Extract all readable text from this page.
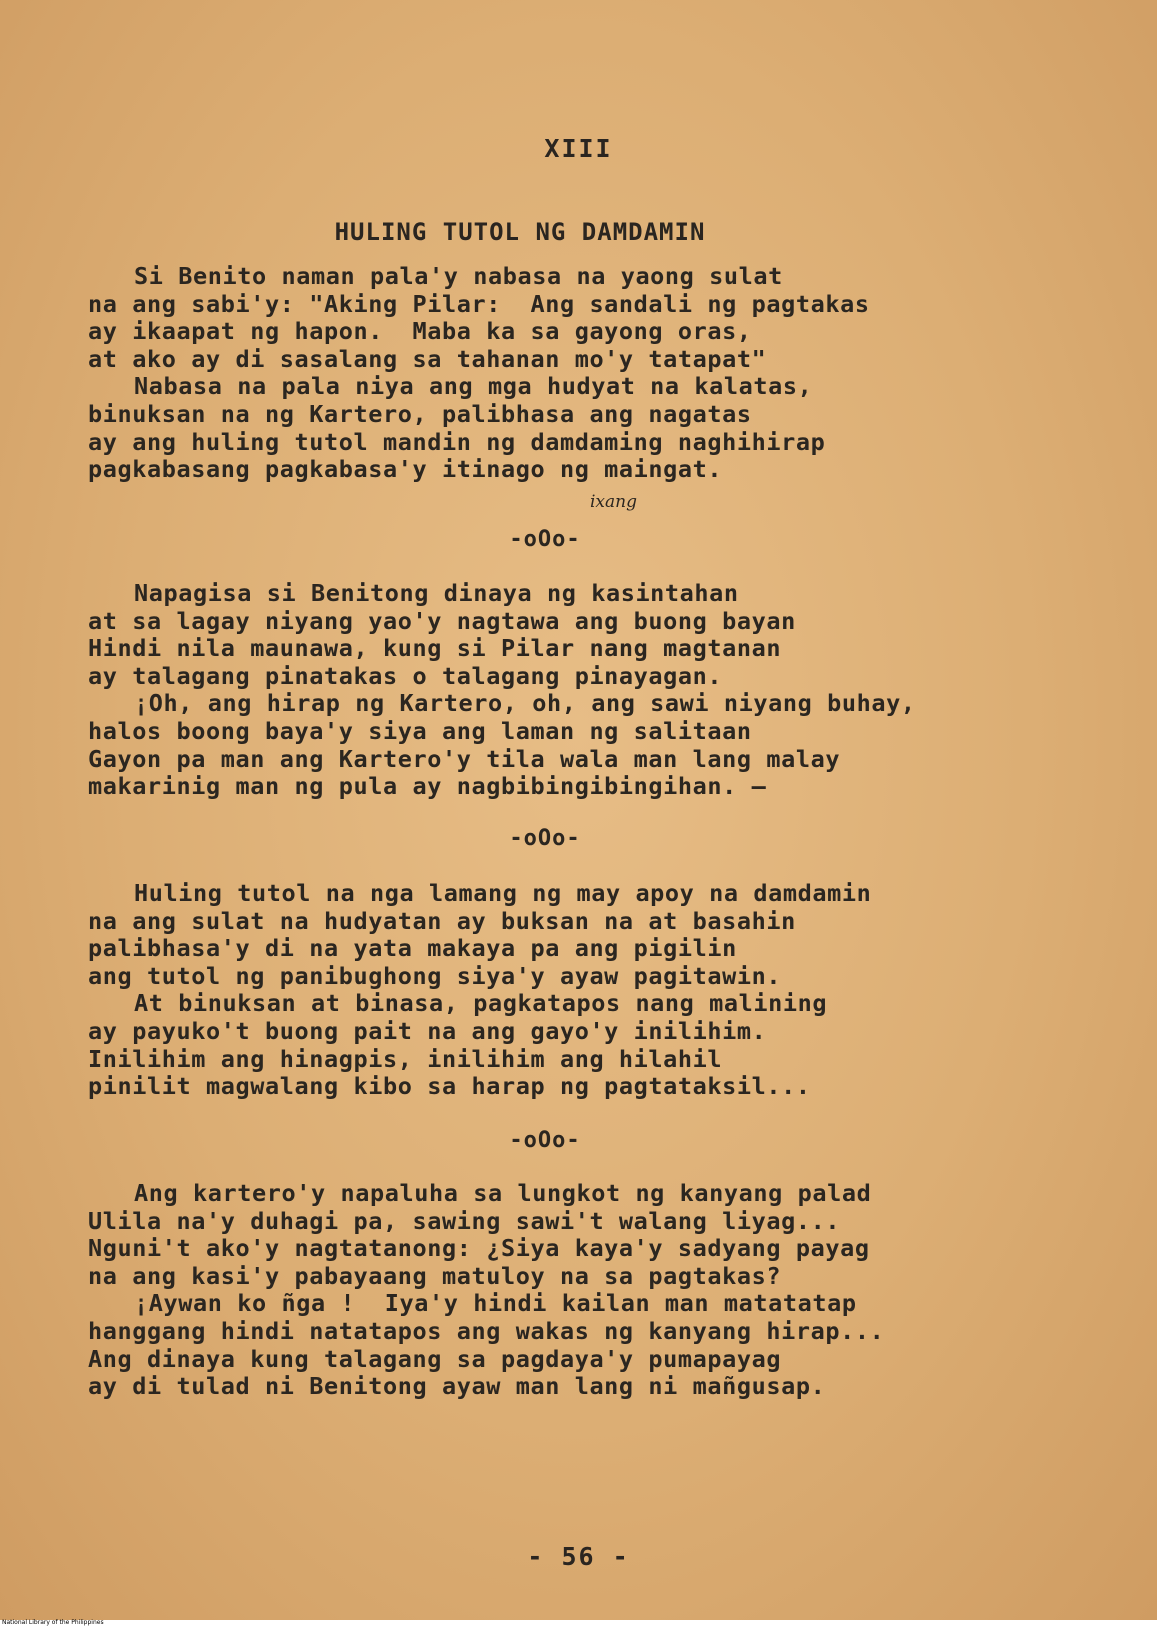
XIII
HULING TUTOL NG DAMDAMIN
Si Benito naman pala'y nabasa na yaong sulat
na ang sabi'y: "Aking Pilar:  Ang sandali ng pagtakas
ay ikaapat ng hapon.  Maba ka sa gayong oras,
at ako ay di sasalang sa tahanan mo'y tatapat"
Nabasa na pala niya ang mga hudyat na kalatas,
binuksan na ng Kartero, palibhasa ang nagatas
ay ang huling tutol mandin ng damdaming naghihirap
pagkabasang pagkabasa'y itinago ng maingat.
ixang
-oOo-
Napagisa si Benitong dinaya ng kasintahan
at sa lagay niyang yao'y nagtawa ang buong bayan
Hindi nila maunawa, kung si Pilar nang magtanan
ay talagang pinatakas o talagang pinayagan.
¡Oh, ang hirap ng Kartero, oh, ang sawi niyang buhay,
halos boong baya'y siya ang laman ng salitaan
Gayon pa man ang Kartero'y tila wala man lang malay
makarinig man ng pula ay nagbibingibingihan. —
-oOo-
Huling tutol na nga lamang ng may apoy na damdamin
na ang sulat na hudyatan ay buksan na at basahin
palibhasa'y di na yata makaya pa ang pigilin
ang tutol ng panibughong siya'y ayaw pagitawin.
At binuksan at binasa, pagkatapos nang malining
ay payuko't buong pait na ang gayo'y inilihim.
Inilihim ang hinagpis, inilihim ang hilahil
pinilit magwalang kibo sa harap ng pagtataksil...
-oOo-
Ang kartero'y napaluha sa lungkot ng kanyang palad
Ulila na'y duhagi pa, sawing sawi't walang liyag...
Nguni't ako'y nagtatanong: ¿Siya kaya'y sadyang payag
na ang kasi'y pabayaang matuloy na sa pagtakas?
¡Aywan ko ñga !  Iya'y hindi kailan man matatatap
hanggang hindi natatapos ang wakas ng kanyang hirap...
Ang dinaya kung talagang sa pagdaya'y pumapayag
ay di tulad ni Benitong ayaw man lang ni mañgusap.
- 56 -
National Library of the Philippines
